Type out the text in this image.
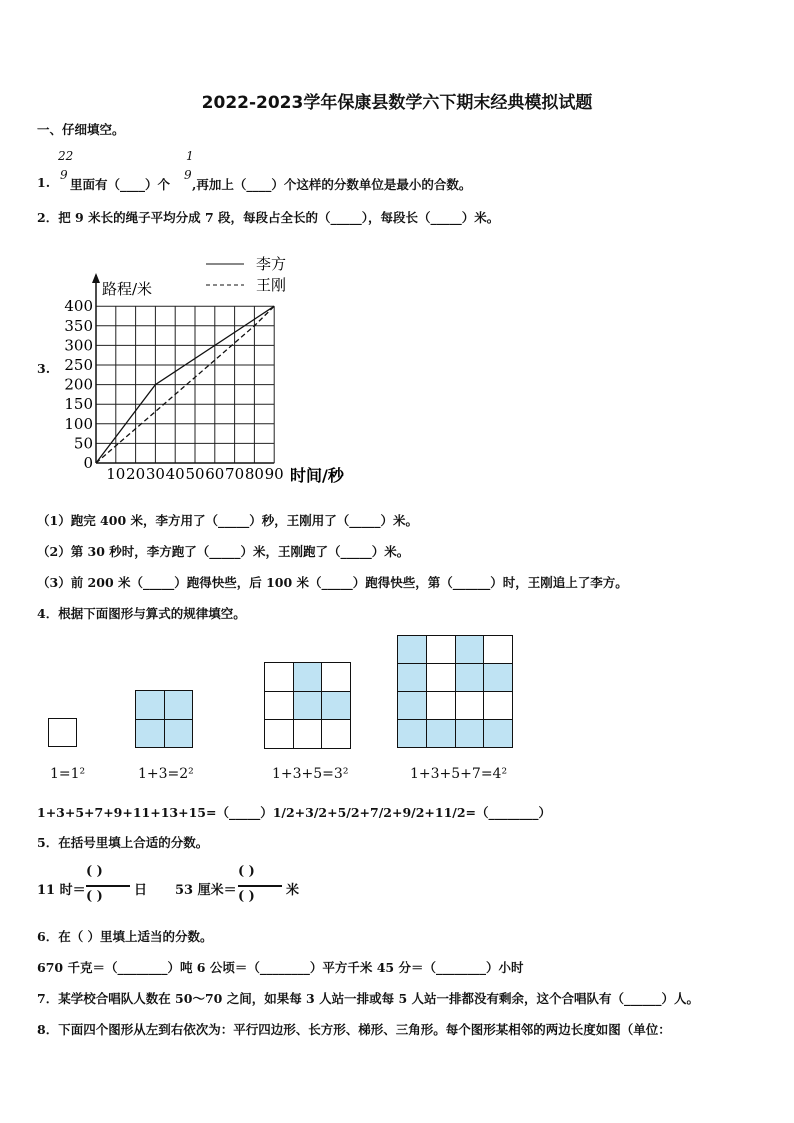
2022-2023学年保康县数学六下期末经典模拟试题
一、仔细填空。
1.
22
9
里面有（____）个
1
9
,再加上（____）个这样的分数单位是最小的合数。
2．把 9 米长的绳子平均分成 7 段，每段占全长的（_____），每段长（_____）米。
3.
0
50
100
150
200
250
300
350
400
10 20 30 40 50 60 70 80 90
路程/米
时间/秒
李方
王刚
（1）跑完 400 米，李方用了（_____）秒，王刚用了（_____）米。
（2）第 30 秒时，李方跑了（_____）米，王刚跑了（_____）米。
（3）前 200 米（_____）跑得快些，后 100 米（_____）跑得快些，第（______）时，王刚追上了李方。
4．根据下面图形与算式的规律填空。
1=1²	1+3=2²	1+3+5=3²	1+3+5+7=4²
1+3+5+7+9+11+13+15=（_____）1/2+3/2+5/2+7/2+9/2+11/2=（________）
5．在括号里填上合适的分数。
11 时＝
( )
( ) 日 53 厘米＝
( )
( ) 米
6．在（ ）里填上适当的分数。
670 千克＝（________）吨 6 公顷＝（________）平方千米 45 分＝（________）小时
7．某学校合唱队人数在 50～70 之间，如果每 3 人站一排或每 5 人站一排都没有剩余，这个合唱队有（______）人。
8．下面四个图形从左到右依次为：平行四边形、长方形、梯形、三角形。每个图形某相邻的两边长度如图（单位：
